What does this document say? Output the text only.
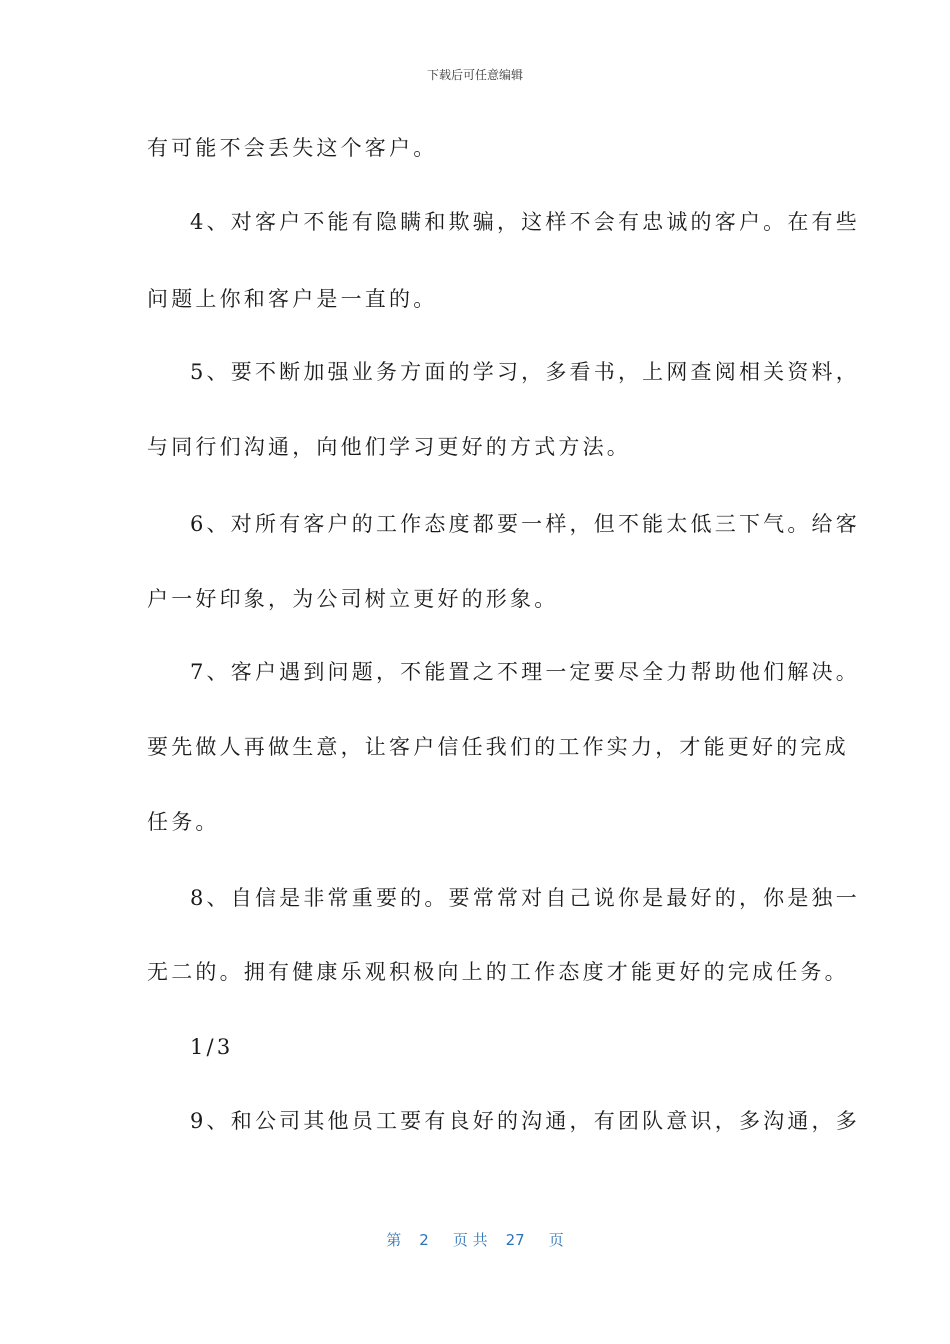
下载后可任意编辑
有可能不会丢失这个客户。
4、对客户不能有隐瞒和欺骗，这样不会有忠诚的客户。在有些
问题上你和客户是一直的。
5、要不断加强业务方面的学习，多看书，上网查阅相关资料，
与同行们沟通，向他们学习更好的方式方法。
6、对所有客户的工作态度都要一样，但不能太低三下气。给客
户一好印象，为公司树立更好的形象。
7、客户遇到问题，不能置之不理一定要尽全力帮助他们解决。
要先做人再做生意，让客户信任我们的工作实力，才能更好的完成
任务。
8、自信是非常重要的。要常常对自己说你是最好的，你是独一
无二的。拥有健康乐观积极向上的工作态度才能更好的完成任务。
1/3
9、和公司其他员工要有良好的沟通，有团队意识，多沟通，多
第 2 页 共 27 页
